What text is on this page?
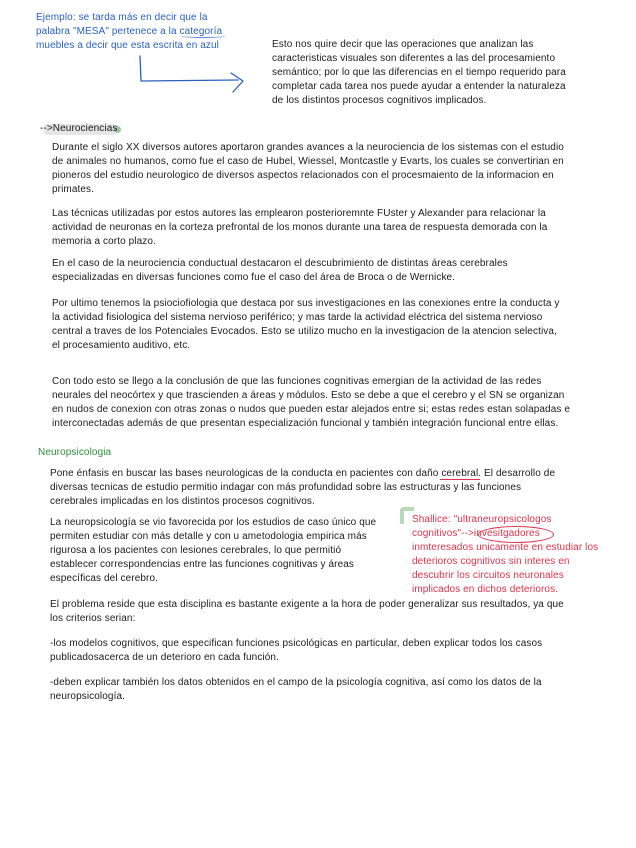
Ejemplo: se tarda más en decir que la
palabra "MESA" pertenece a la categoría
muebles a decir que esta escrita en azul	Esto nos quire decir que las operaciones que analizan las
caracteristicas visuales son diferentes a las del procesamiento
semántico; por lo que las diferencias en el tiempo requerido para
completar cada tarea nos puede ayudar a entender la naturaleza
de los distintos procesos cognitivos implicados.
-->Neurociencias
Durante el siglo XX diversos autores aportaron grandes avances a la neurociencia de los sistemas con el estudio
de animales no humanos, como fue el caso de Hubel, Wiessel, Montcastle y Evarts, los cuales se convertirian en
pioneros del estudio neurologico de diversos aspectos relacionados con el procesmaiento de la informacion en
primates.
Las técnicas utilizadas por estos autores las emplearon posterioremnte FUster y Alexander para relacionar la
actividad de neuronas en la corteza prefrontal de los monos durante una tarea de respuesta demorada con la
memoria a corto plazo.
En el caso de la neurociencia conductual destacaron el descubrimiento de distintas áreas cerebrales
especializadas en diversas funciones como fue el caso del área de Broca o de Wernicke.
Por ultimo tenemos la psiociofiologia que destaca por sus investigaciones en las conexiones entre la conducta y
la actividad fisiologica del sistema nervioso periférico; y mas tarde la actividad eléctrica del sistema nervioso
central a traves de los Potenciales Evocados. Esto se utilizo mucho en la investigacion de la atencion selectiva,
el procesamiento auditivo, etc.
Con todo esto se llego a la conclusión de que las funciones cognitivas emergian de la actividad de las redes
neurales del neocórtex y que trascienden a áreas y módulos. Esto se debe a que el cerebro y el SN se organizan
en nudos de conexion con otras zonas o nudos que pueden estar alejados entre si; estas redes estan solapadas e
interconectadas además de que presentan especialización funcional y también integración funcional entre ellas.
Neuropsicologia
Pone énfasis en buscar las bases neurologicas de la conducta en pacientes con daño cerebral. El desarrollo de
diversas tecnicas de estudio permitio indagar con más profundidad sobre las estructuras y las funciones
cerebrales implicadas en los distintos procesos cognitivos.
La neuropsicología se vio favorecida por los estudios de caso único que
permiten estudiar con más detalle y con u ametodologia empirica más
rigurosa a los pacientes con lesiones cerebrales, lo que permitió
establecer correspondencias entre las funciones cognitivas y áreas
específicas del cerebro.
Shallice: "ultraneuropsicologos
cognitivos"-->invesitgadores
inmteresados unicamente en estudiar los
deterioros cognitivos sin interes en
descubrir los circuitos neuronales
implicados en dichos deterioros.
El problema reside que esta disciplina es bastante exigente a la hora de poder generalizar sus resultados, ya que
los criterios serian:
-los modelos cognitivos, que especifican funciones psicológicas en particular, deben explicar todos los casos
publicadosacerca de un deterioro en cada función.
-deben explicar también los datos obtenidos en el campo de la psicología cognitiva, así como los datos de la
neuropsicología.
